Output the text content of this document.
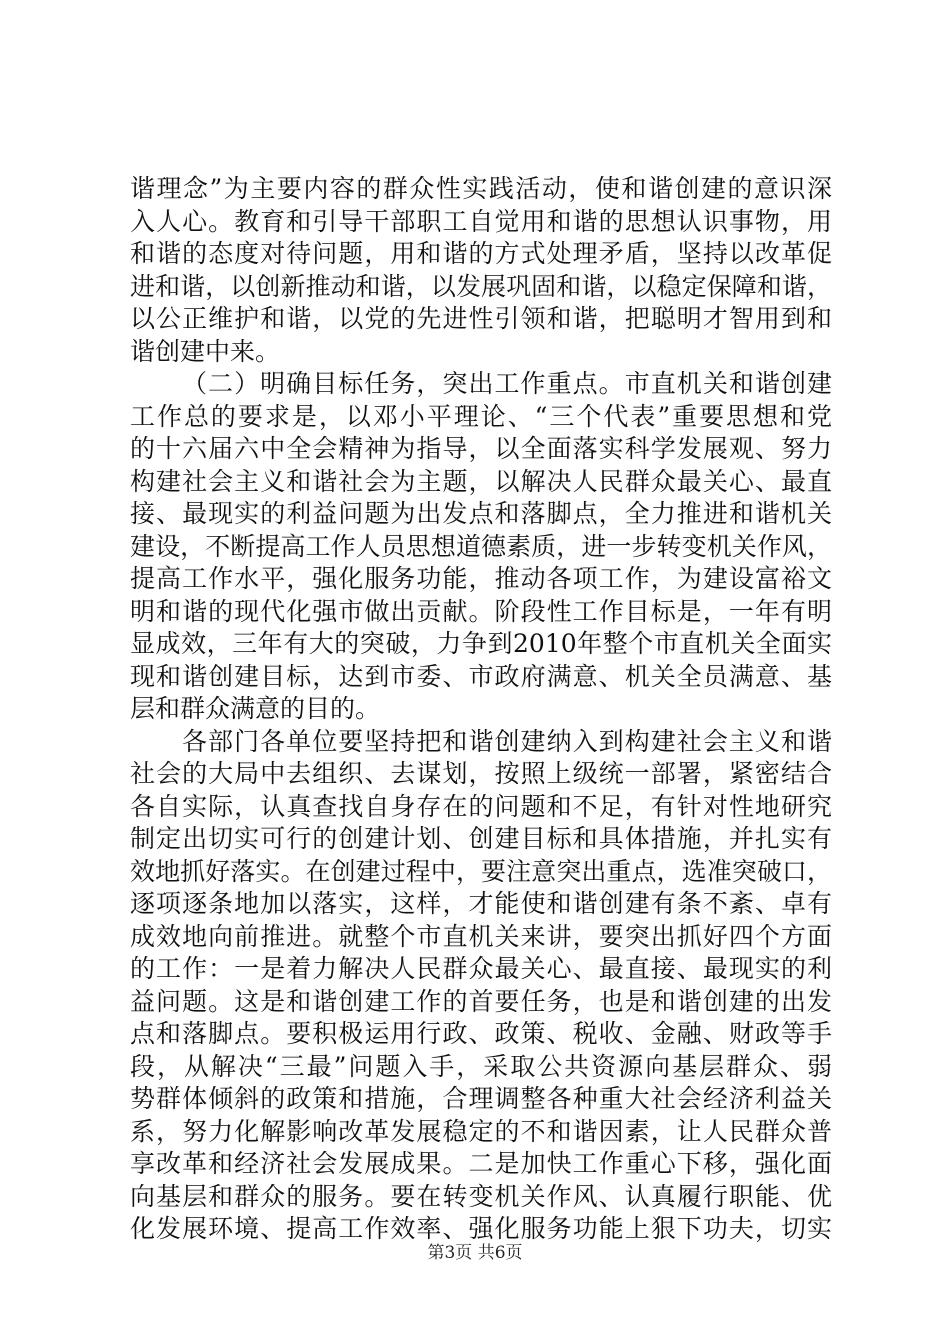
谐理念”为主要内容的群众性实践活动，使和谐创建的意识深
入人心。教育和引导干部职工自觉用和谐的思想认识事物，用
和谐的态度对待问题，用和谐的方式处理矛盾，坚持以改革促
进和谐，以创新推动和谐，以发展巩固和谐，以稳定保障和谐，
以公正维护和谐，以党的先进性引领和谐，把聪明才智用到和
谐创建中来。
（二）明确目标任务，突出工作重点。市直机关和谐创建
工作总的要求是，以邓小平理论、“三个代表”重要思想和党
的十六届六中全会精神为指导，以全面落实科学发展观、努力
构建社会主义和谐社会为主题，以解决人民群众最关心、最直
接、最现实的利益问题为出发点和落脚点，全力推进和谐机关
建设，不断提高工作人员思想道德素质，进一步转变机关作风，
提高工作水平，强化服务功能，推动各项工作，为建设富裕文
明和谐的现代化强市做出贡献。阶段性工作目标是，一年有明
显成效，三年有大的突破，力争到2010年整个市直机关全面实
现和谐创建目标，达到市委、市政府满意、机关全员满意、基
层和群众满意的目的。
各部门各单位要坚持把和谐创建纳入到构建社会主义和谐
社会的大局中去组织、去谋划，按照上级统一部署，紧密结合
各自实际，认真查找自身存在的问题和不足，有针对性地研究
制定出切实可行的创建计划、创建目标和具体措施，并扎实有
效地抓好落实。在创建过程中，要注意突出重点，选准突破口，
逐项逐条地加以落实，这样，才能使和谐创建有条不紊、卓有
成效地向前推进。就整个市直机关来讲，要突出抓好四个方面
的工作：一是着力解决人民群众最关心、最直接、最现实的利
益问题。这是和谐创建工作的首要任务，也是和谐创建的出发
点和落脚点。要积极运用行政、政策、税收、金融、财政等手
段，从解决“三最”问题入手，采取公共资源向基层群众、弱
势群体倾斜的政策和措施，合理调整各种重大社会经济利益关
系，努力化解影响改革发展稳定的不和谐因素，让人民群众普
享改革和经济社会发展成果。二是加快工作重心下移，强化面
向基层和群众的服务。要在转变机关作风、认真履行职能、优
化发展环境、提高工作效率、强化服务功能上狠下功夫，切实
第3页 共6页
